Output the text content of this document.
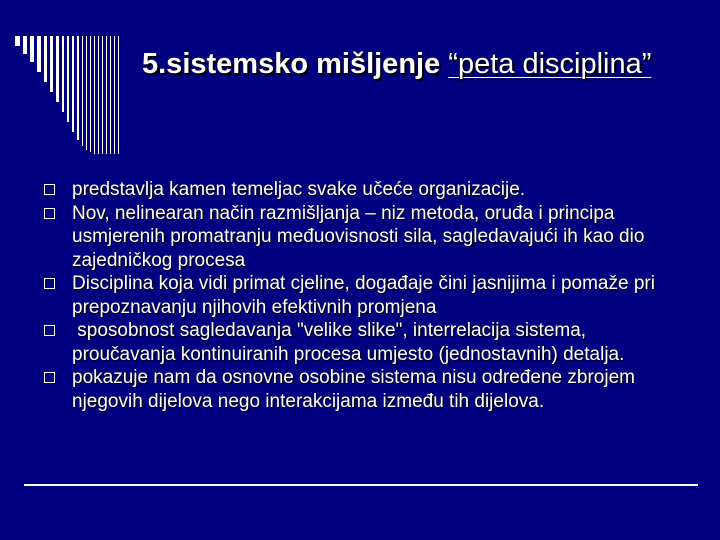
5.sistemsko mišljenje “peta disciplina”
predstavlja kamen temeljac svake učeće organizacije.
Nov, nelinearan način razmišljanja – niz metoda, oruđa i principa usmjerenih promatranju međuovisnosti sila, sagledavajući ih kao dio zajedničkog procesa
Disciplina koja vidi primat cjeline, događaje čini jasnijima i pomaže pri prepoznavanju njihovih efektivnih promjena
sposobnost sagledavanja "velike slike", interrelacija sistema, proučavanja kontinuiranih procesa umjesto (jednostavnih) detalja.
pokazuje nam da osnovne osobine sistema nisu određene zbrojem njegovih dijelova nego interakcijama između tih dijelova.
